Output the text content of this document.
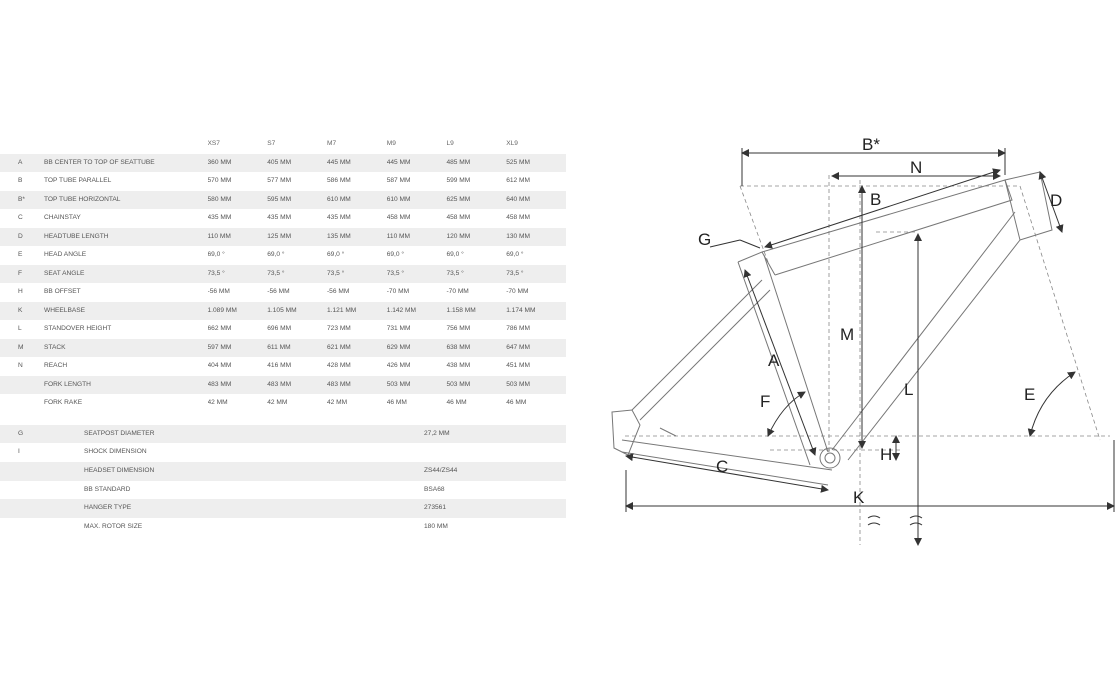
		XS7	S7	M7	M9	L9	XL9
A	BB CENTER TO TOP OF SEATTUBE	360 MM	405 MM	445 MM	445 MM	485 MM	525 MM
B	TOP TUBE PARALLEL	570 MM	577 MM	586 MM	587 MM	599 MM	612 MM
B*	TOP TUBE HORIZONTAL	580 MM	595 MM	610 MM	610 MM	625 MM	640 MM
C	CHAINSTAY	435 MM	435 MM	435 MM	458 MM	458 MM	458 MM
D	HEADTUBE LENGTH	110 MM	125 MM	135 MM	110 MM	120 MM	130 MM
E	HEAD ANGLE	69,0 °	69,0 °	69,0 °	69,0 °	69,0 °	69,0 °
F	SEAT ANGLE	73,5 °	73,5 °	73,5 °	73,5 °	73,5 °	73,5 °
H	BB OFFSET	-56 MM	-56 MM	-56 MM	-70 MM	-70 MM	-70 MM
K	WHEELBASE	1.089 MM	1.105 MM	1.121 MM	1.142 MM	1.158 MM	1.174 MM
L	STANDOVER HEIGHT	662 MM	696 MM	723 MM	731 MM	756 MM	786 MM
M	STACK	597 MM	611 MM	621 MM	629 MM	638 MM	647 MM
N	REACH	404 MM	416 MM	428 MM	426 MM	438 MM	451 MM
	FORK LENGTH	483 MM	483 MM	483 MM	503 MM	503 MM	503 MM
	FORK RAKE	42 MM	42 MM	42 MM	46 MM	46 MM	46 MM

G	SEATPOST DIAMETER	27,2 MM
I	SHOCK DIMENSION	
	HEADSET DIMENSION	ZS44/ZS44
	BB STANDARD	BSA68
	HANGER TYPE	273561
	MAX. ROTOR SIZE	180 MM
B*
N
B	D
G
M
A
F
L	E
H
C
K
